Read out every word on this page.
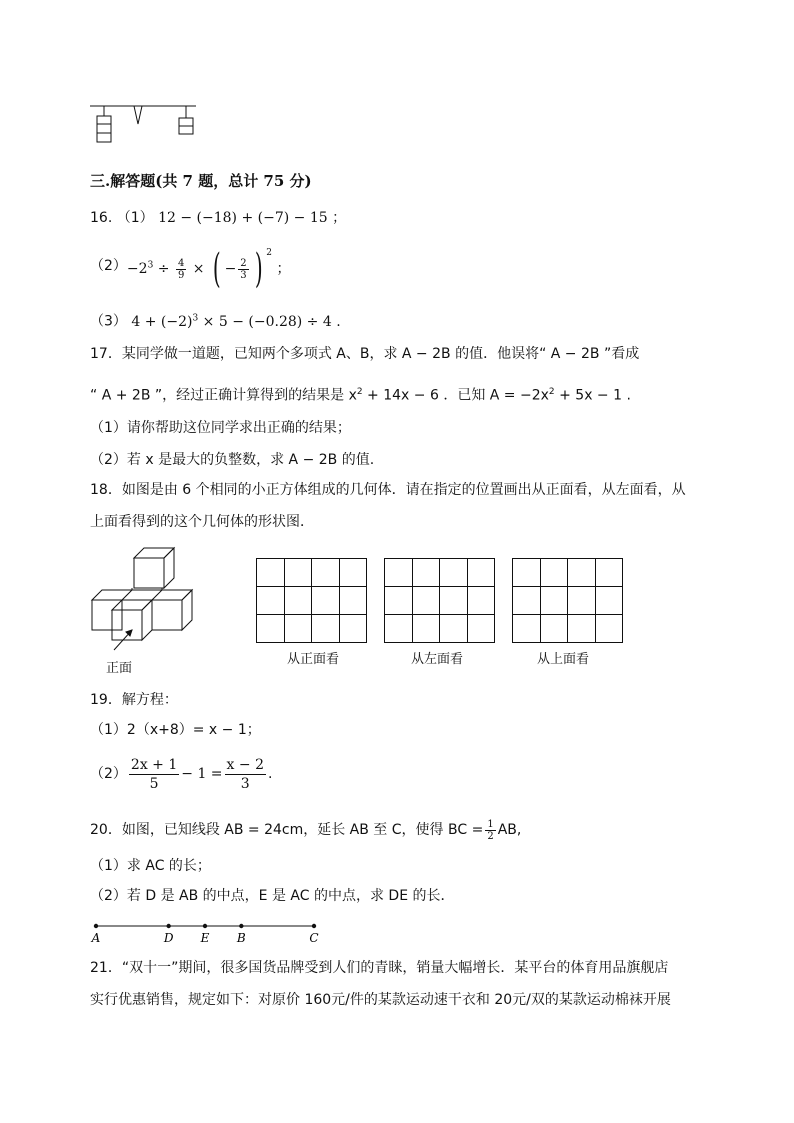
三.解答题(共 7 题，总计 75 分)
16. （1） 12 − (−18) + (−7) − 15 ；
$(2) -2^3 \div \frac{4}{9}$ × ( − $\frac{2}{3}$ ) $^2$ ；
（3） $4 + (-2)^3 \times 5 - (-0.28) \div 4$ .
17．某同学做一道题，已知两个多项式 A、B，求 A − 2B 的值．他误将“ A − 2B ”看成
“ A + 2B ”，经过正确计算得到的结果是 $x^2 + 14x - 6$ ．已知 $A = -2x^2 + 5x - 1$ .
（1）请你帮助这位同学求出正确的结果；
（2）若 x 是最大的负整数，求 A − 2B 的值.
18．如图是由 6 个相同的小正方体组成的几何体．请在指定的位置画出从正面看，从左面看，从
上面看得到的这个几何体的形状图．
正面

从正面看	从左面看	从上面看
19．解方程：
（1）2（x+8）= x − 1；
$(2) \frac{2x + 1}{5} - 1 = \frac{x - 2}{3}$ .
20．如图，已知线段 AB = 24cm，延长 AB 至 C，使得 BC = $\frac{1}{2}$ AB,
（1）求 AC 的长；
（2）若 D 是 AB 的中点，E 是 AC 的中点，求 DE 的长．
A	D E B	C
21．“双十一”期间，很多国货品牌受到人们的青睐，销量大幅增长．某平台的体育用品旗舰店
实行优惠销售，规定如下：对原价 160元/件的某款运动速干衣和 20元/双的某款运动棉袜开展
